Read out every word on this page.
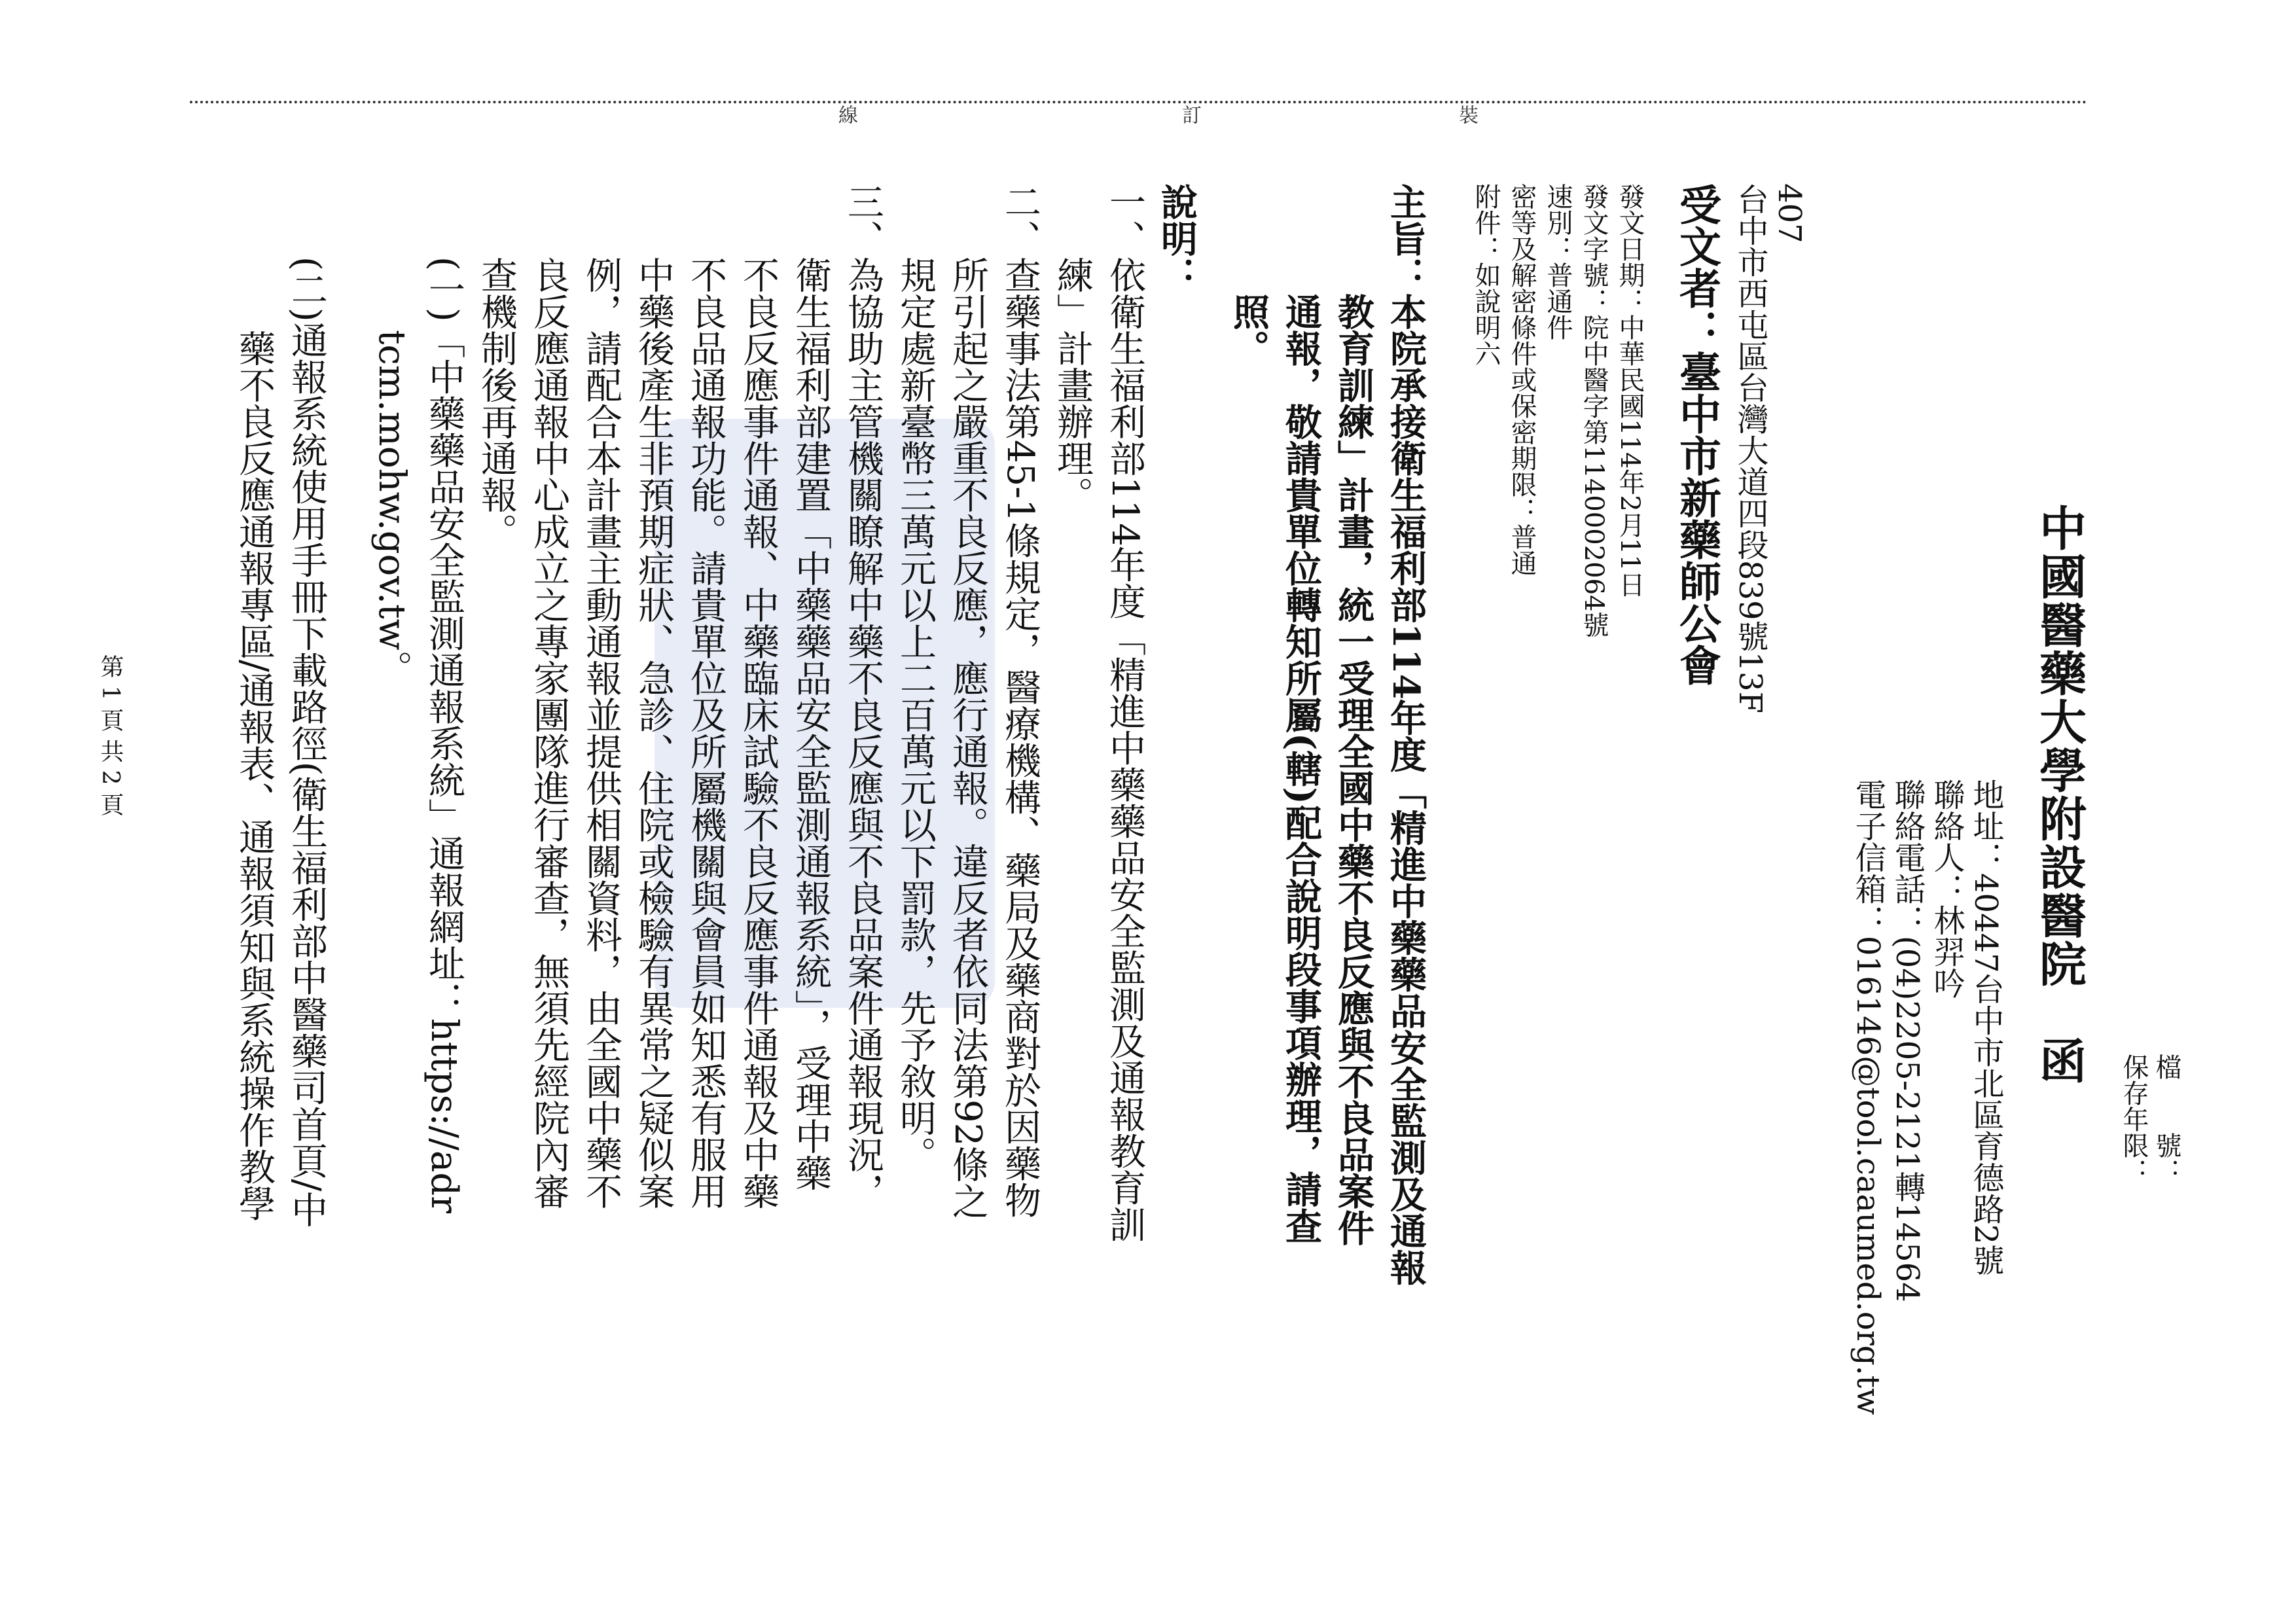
裝
訂
線
檔　　號：
保存年限：
中國醫藥大學附設醫院　函
地址：40447台中市北區育德路2號
聯絡人：林羿吟
聯絡電話：(04)2205-2121轉14564
電子信箱：016146@tool.caaumed.org.tw
407
台中市西屯區台灣大道四段839號13F
受文者：臺中市新藥師公會
發文日期：中華民國114年2月11日
發文字號：院中醫字第1140002064號
速別：普通件
密等及解密條件或保密期限：普通
附件：如說明六
主旨：本院承接衛生福利部114年度「精進中藥藥品安全監測及通報
　　　教育訓練」計畫，統一受理全國中藥不良反應與不良品案件
　　　通報，敬請貴單位轉知所屬(轄)配合說明段事項辦理，請查
　　　照。
說明：
一、依衛生福利部114年度「精進中藥藥品安全監測及通報教育訓
　　練」計畫辦理。
二、查藥事法第45-1條規定，醫療機構、藥局及藥商對於因藥物
　　所引起之嚴重不良反應，應行通報。違反者依同法第92條之
　　規定處新臺幣三萬元以上二百萬元以下罰款，先予敘明。
三、為協助主管機關瞭解中藥不良反應與不良品案件通報現況，
　　衛生福利部建置「中藥藥品安全監測通報系統」，受理中藥
　　不良反應事件通報、中藥臨床試驗不良反應事件通報及中藥
　　不良品通報功能。請貴單位及所屬機關與會員如知悉有服用
　　中藥後產生非預期症狀、急診、住院或檢驗有異常之疑似案
　　例，請配合本計畫主動通報並提供相關資料，由全國中藥不
　　良反應通報中心成立之專家團隊進行審查，無須先經院內審
　　查機制後再通報。
　　(一)「中藥藥品安全監測通報系統」通報網址：https://adr
　　　　tcm.mohw.gov.tw。
　　(二)通報系統使用手冊下載路徑(衛生福利部中醫藥司首頁/中
　　　　藥不良反應通報專區/通報表、通報須知與系統操作教學
第 1 頁 共 2 頁
